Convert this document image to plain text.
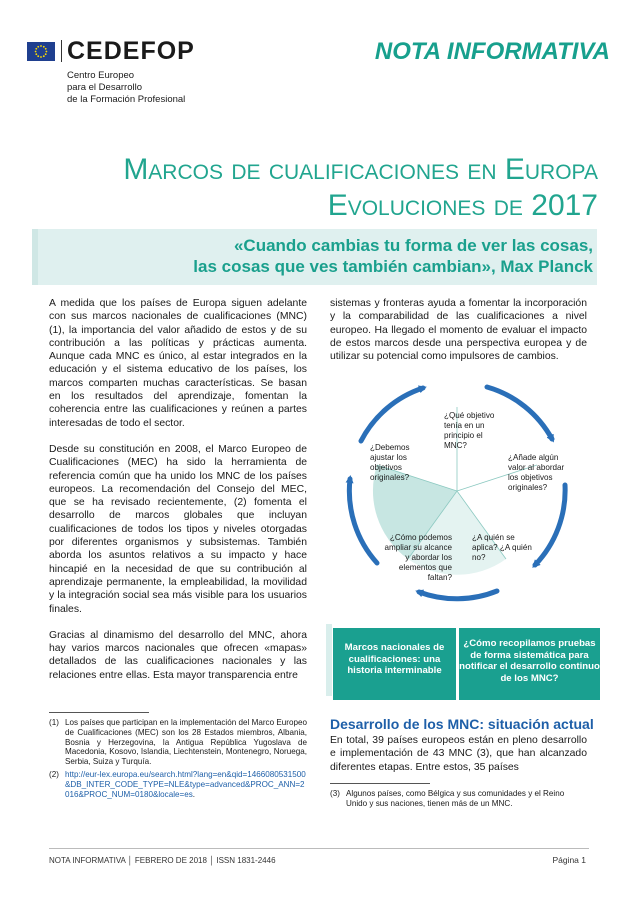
CEDEFOP
Centro Europeo
para el Desarrollo
de la Formación Profesional
NOTA INFORMATIVA
Marcos de cualificaciones en Europa
Evoluciones de 2017
«Cuando cambias tu forma de ver las cosas,
las cosas que ves también cambian», Max Planck

A medida que los países de Europa siguen adelante con sus marcos nacionales de cualificaciones (MNC) (1), la importancia del valor añadido de estos y de su contribución a las políticas y prácticas aumenta. Aunque cada MNC es único, al estar integrados en la educación y el sistema educativo de los países, los marcos comparten muchas características. Se basan en los resultados del aprendizaje, fomentan la coherencia entre las cualificaciones y reúnen a partes interesadas de todo el sector.

Desde su constitución en 2008, el Marco Europeo de Cualificaciones (MEC) ha sido la herramienta de referencia común que ha unido los MNC de los países europeos. La recomendación del Consejo del MEC, que se ha revisado recientemente, (2) fomenta el desarrollo de marcos globales que incluyan cualificaciones de todos los tipos y niveles otorgadas por diferentes organismos y subsistemas. También aborda los asuntos relativos a su impacto y hace hincapié en la necesidad de que su contribución al aprendizaje permanente, la empleabilidad, la movilidad y la integración social sea más visible para los usuarios finales.

Gracias al dinamismo del desarrollo del MNC, ahora hay varios marcos nacionales que ofrecen «mapas» detallados de las cualificaciones nacionales y las relaciones entre ellas. Esta mayor transparencia entre

sistemas y fronteras ayuda a fomentar la incorporación y la comparabilidad de las cualificaciones a nivel europeo. Ha llegado el momento de evaluar el impacto de estos marcos desde una perspectiva europea y de utilizar su potencial como impulsores de cambios.

¿Qué objetivo tenía en un principio el MNC?
¿Añade algún valor al abordar los objetivos originales?
¿A quién se aplica? ¿A quién no?
¿Cómo podemos ampliar su alcance y abordar los elementos que faltan?
¿Debemos ajustar los objetivos originales?
Marcos nacionales de cualificaciones: una historia interminable
¿Cómo recopilamos pruebas de forma sistemática para notificar el desarrollo continuo de los MNC?
Desarrollo de los MNC: situación actual
En total, 39 países europeos están en pleno desarrollo e implementación de 43 MNC (3), que han alcanzado diferentes etapas. Entre estos, 35 países
(1) Los países que participan en la implementación del Marco Europeo de Cualificaciones (MEC) son los 28 Estados miembros, Albania, Bosnia y Herzegovina, la Antigua República Yugoslava de Macedonia, Kosovo, Islandia, Liechtenstein, Montenegro, Noruega, Serbia, Suiza y Turquía.
(2) http://eur-lex.europa.eu/search.html?lang=en&qid=1466080531500&DB_INTER_CODE_TYPE=NLE&type=advanced&PROC_ANN=2016&PROC_NUM=0180&locale=es.	(3) Algunos países, como Bélgica y sus comunidades y el Reino Unido y sus naciones, tienen más de un MNC.
NOTA INFORMATIVA │ FEBRERO DE 2018 │ ISSN 1831-2446	Página 1
